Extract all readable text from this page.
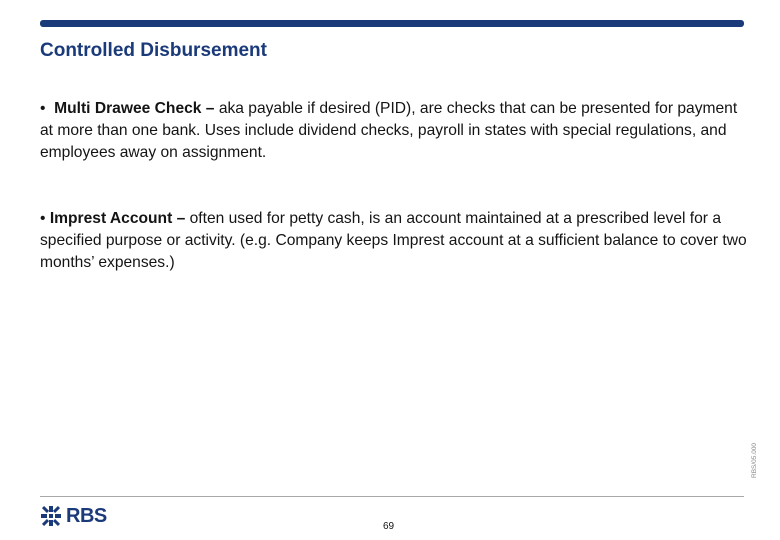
Controlled Disbursement
• Multi Drawee Check – aka payable if desired (PID), are checks that can be presented for payment at more than one bank. Uses include dividend checks, payroll in states with special regulations, and employees away on assignment.
• Imprest Account – often used for petty cash, is an account maintained at a prescribed level for a specified purpose or activity. (e.g. Company keeps Imprest account at a sufficient balance to cover two months’ expenses.)
RBS/05.000
RBS	69
